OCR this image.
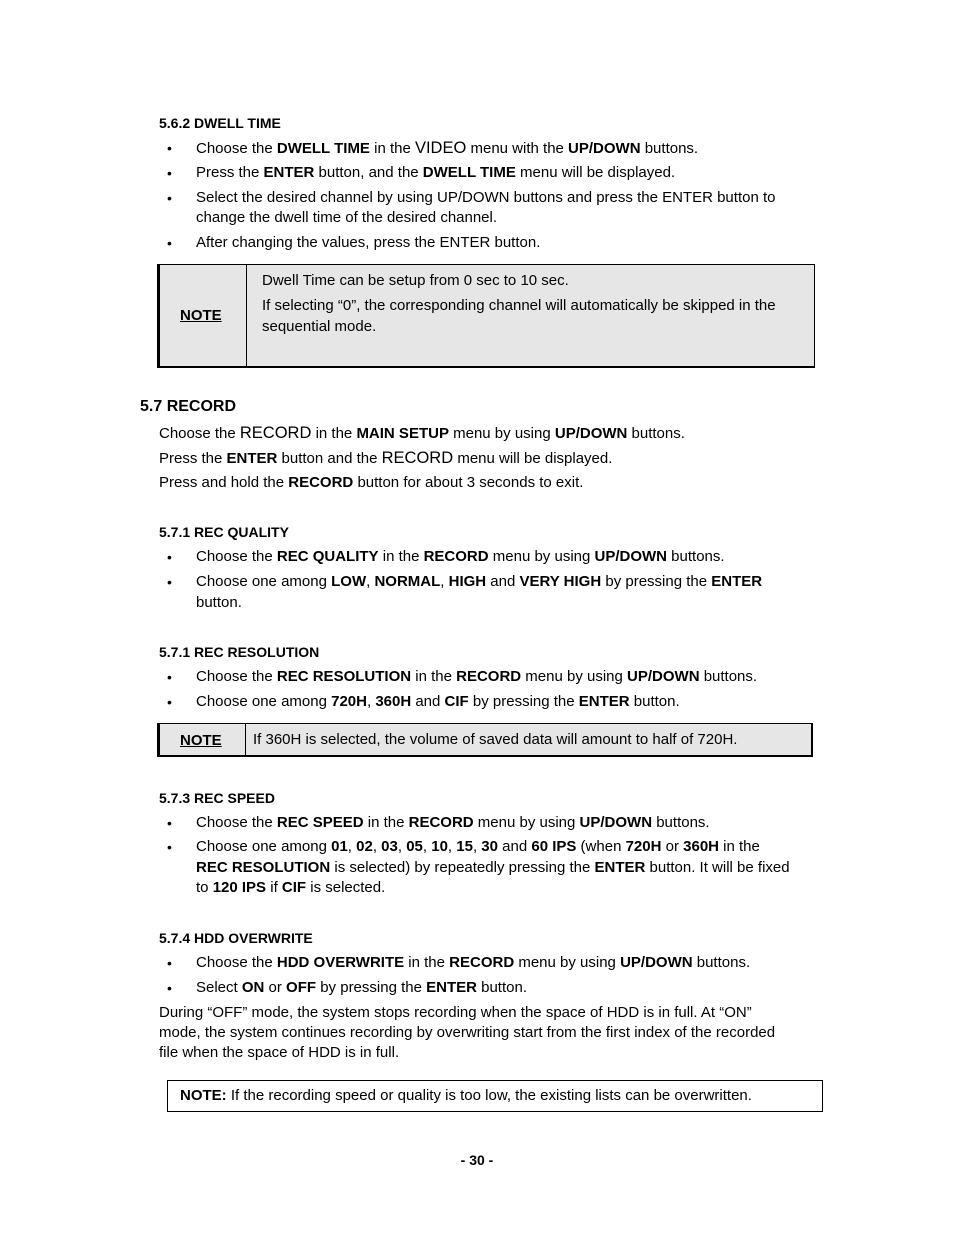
5.6.2 DWELL TIME
• Choose the DWELL TIME in the VIDEO menu with the UP/DOWN buttons.
• Press the ENTER button, and the DWELL TIME menu will be displayed.
• Select the desired channel by using UP/DOWN buttons and press the ENTER button to
change the dwell time of the desired channel.
• After changing the values, press the ENTER button.
NOTE
Dwell Time can be setup from 0 sec to 10 sec.
If selecting “0”, the corresponding channel will automatically be skipped in the
sequential mode.
5.7 RECORD
Choose the RECORD in the MAIN SETUP menu by using UP/DOWN buttons.
Press the ENTER button and the RECORD menu will be displayed.
Press and hold the RECORD button for about 3 seconds to exit.
5.7.1 REC QUALITY
• Choose the REC QUALITY in the RECORD menu by using UP/DOWN buttons.
• Choose one among LOW, NORMAL, HIGH and VERY HIGH by pressing the ENTER
button.
5.7.1 REC RESOLUTION
• Choose the REC RESOLUTION in the RECORD menu by using UP/DOWN buttons.
• Choose one among 720H, 360H and CIF by pressing the ENTER button.
NOTE If 360H is selected, the volume of saved data will amount to half of 720H.
5.7.3 REC SPEED
• Choose the REC SPEED in the RECORD menu by using UP/DOWN buttons.
• Choose one among 01, 02, 03, 05, 10, 15, 30 and 60 IPS (when 720H or 360H in the
REC RESOLUTION is selected) by repeatedly pressing the ENTER button. It will be fixed
to 120 IPS if CIF is selected.
5.7.4 HDD OVERWRITE
• Choose the HDD OVERWRITE in the RECORD menu by using UP/DOWN buttons.
• Select ON or OFF by pressing the ENTER button.
During “OFF” mode, the system stops recording when the space of HDD is in full. At “ON”
mode, the system continues recording by overwriting start from the first index of the recorded
file when the space of HDD is in full.
NOTE: If the recording speed or quality is too low, the existing lists can be overwritten.
- 30 -
